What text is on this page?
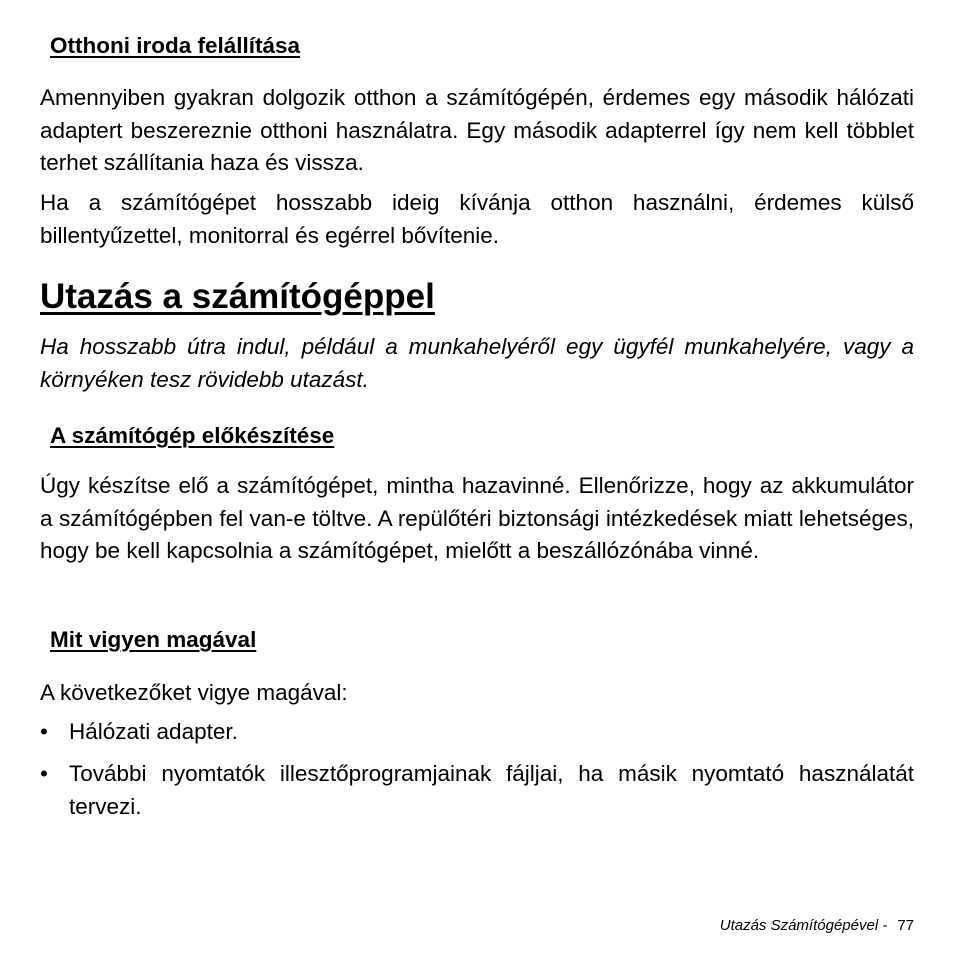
Otthoni iroda felállítása

Amennyiben gyakran dolgozik otthon a számítógépén, érdemes egy második hálózati adaptert beszereznie otthoni használatra. Egy második adapterrel így nem kell többlet terhet szállítania haza és vissza.

Ha a számítógépet hosszabb ideig kívánja otthon használni, érdemes külső billentyűzettel, monitorral és egérrel bővítenie.

Utazás a számítógéppel

Ha hosszabb útra indul, például a munkahelyéről egy ügyfél munkahelyére, vagy a környéken tesz rövidebb utazást.

A számítógép előkészítése

Úgy készítse elő a számítógépet, mintha hazavinné. Ellenőrizze, hogy az akkumulátor a számítógépben fel van-e töltve. A repülőtéri biztonsági intézkedések miatt lehetséges, hogy be kell kapcsolnia a számítógépet, mielőtt a beszállózónába vinné.

Mit vigyen magával

A következőket vigye magával:

• Hálózati adapter.
• További nyomtatók illesztőprogramjainak fájljai, ha másik nyomtató használatát tervezi.
Utazás Számítógépével - 77
